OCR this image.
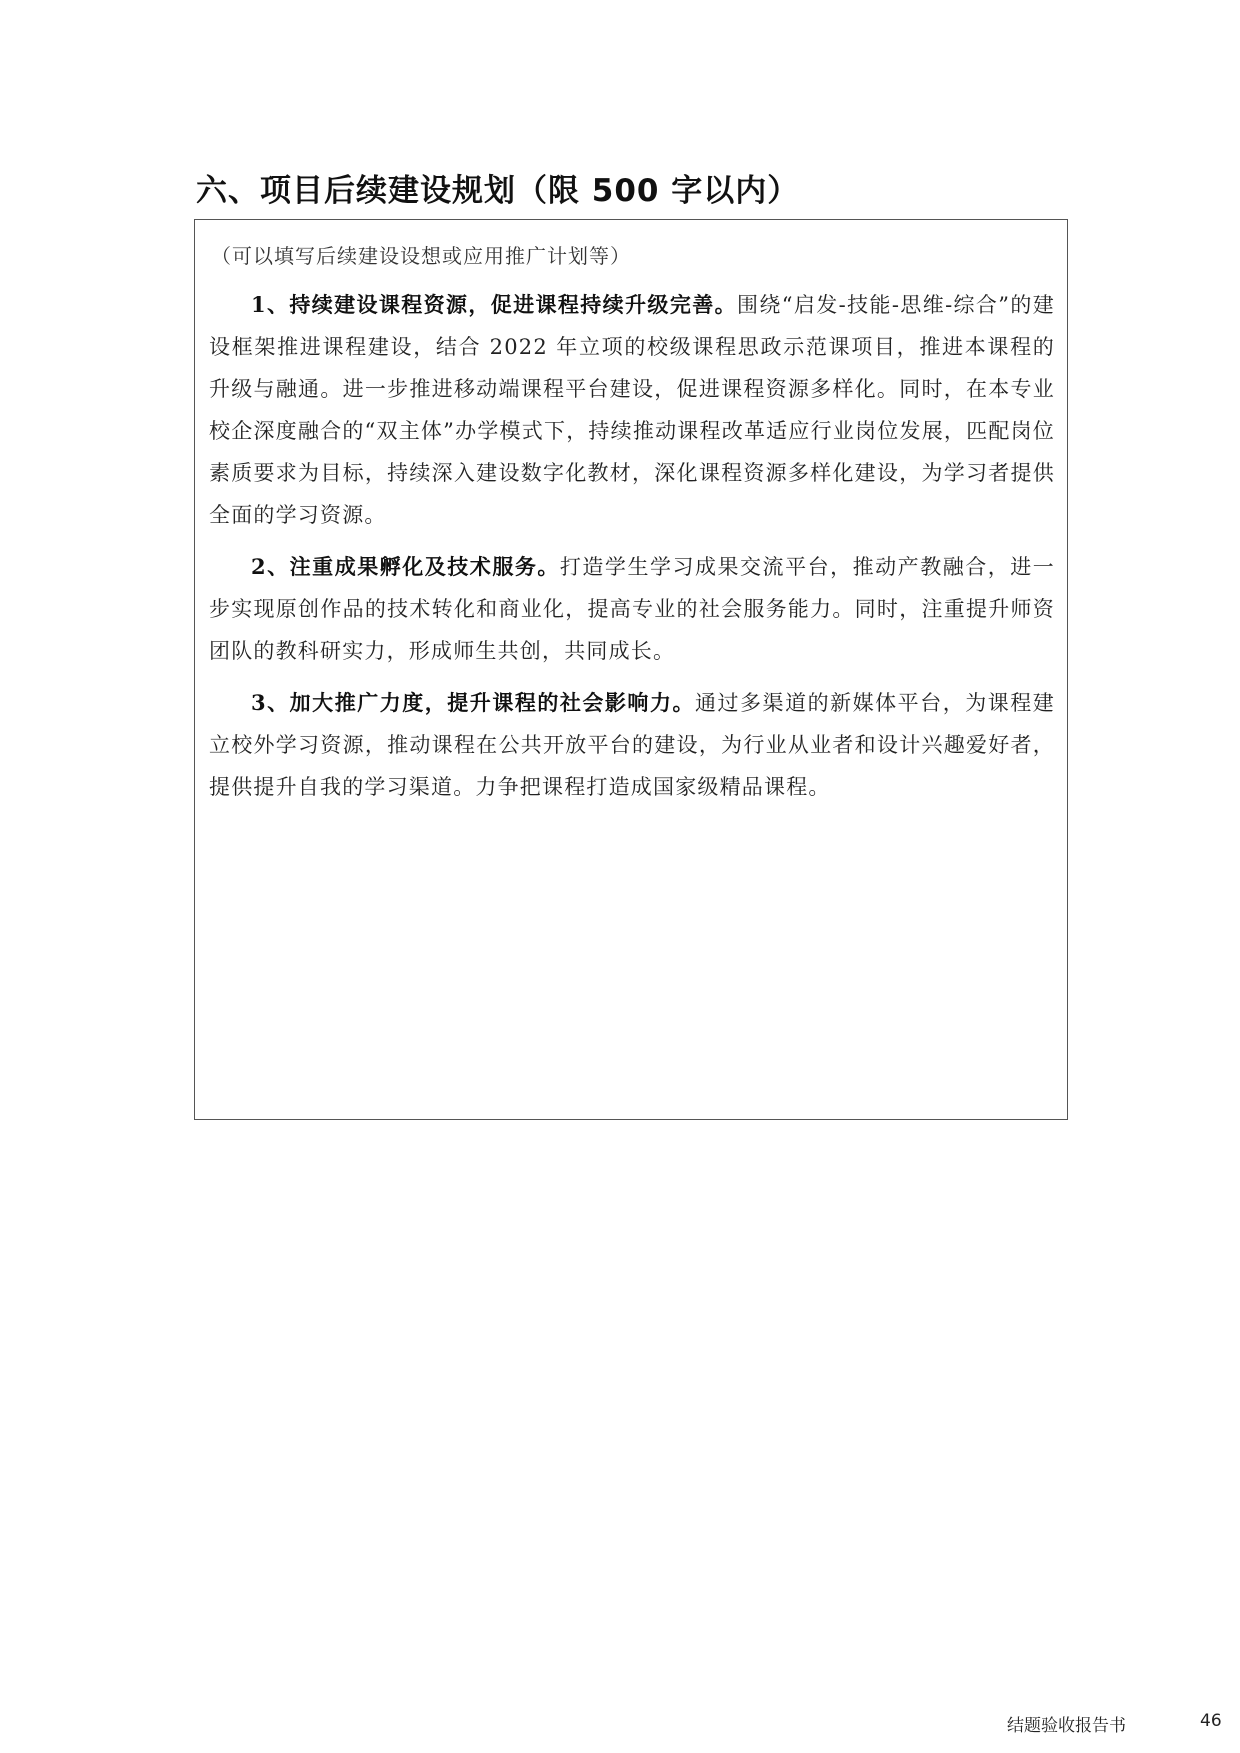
六、项目后续建设规划（限 500 字以内）

（可以填写后续建设设想或应用推广计划等）

1、持续建设课程资源，促进课程持续升级完善。围绕“启发-技能-思维-综合”的建设框架推进课程建设，结合 2022 年立项的校级课程思政示范课项目，推进本课程的升级与融通。进一步推进移动端课程平台建设，促进课程资源多样化。同时，在本专业校企深度融合的“双主体”办学模式下，持续推动课程改革适应行业岗位发展，匹配岗位素质要求为目标，持续深入建设数字化教材，深化课程资源多样化建设，为学习者提供全面的学习资源。

2、注重成果孵化及技术服务。打造学生学习成果交流平台，推动产教融合，进一步实现原创作品的技术转化和商业化，提高专业的社会服务能力。同时，注重提升师资团队的教科研实力，形成师生共创，共同成长。

3、加大推广力度，提升课程的社会影响力。通过多渠道的新媒体平台，为课程建立校外学习资源，推动课程在公共开放平台的建设，为行业从业者和设计兴趣爱好者，提供提升自我的学习渠道。力争把课程打造成国家级精品课程。

结题验收报告书	46
